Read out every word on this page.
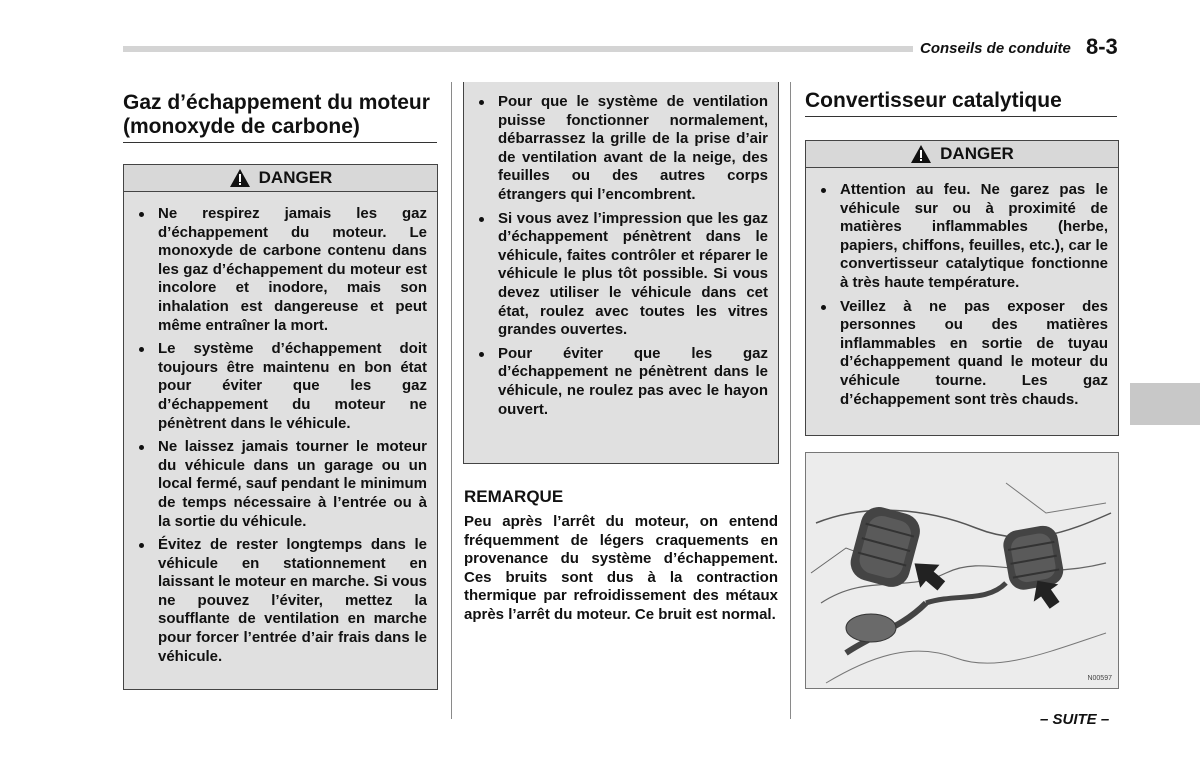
Conseils de conduite 8-3
Gaz d’échappement du moteur (monoxyde de carbone)
DANGER
Ne respirez jamais les gaz d’échappement du moteur. Le monoxyde de carbone contenu dans les gaz d’échappement du moteur est incolore et inodore, mais son inhalation est dangereuse et peut même entraîner la mort.
Le système d’échappement doit toujours être maintenu en bon état pour éviter que les gaz d’échappement du moteur ne pénètrent dans le véhicule.
Ne laissez jamais tourner le moteur du véhicule dans un garage ou un local fermé, sauf pendant le minimum de temps nécessaire à l’entrée ou à la sortie du véhicule.
Évitez de rester longtemps dans le véhicule en stationnement en laissant le moteur en marche. Si vous ne pouvez l’éviter, mettez la soufflante de ventilation en marche pour forcer l’entrée d’air frais dans le véhicule.
Pour que le système de ventilation puisse fonctionner normalement, débarrassez la grille de la prise d’air de ventilation avant de la neige, des feuilles ou des autres corps étrangers qui l’encombrent.
Si vous avez l’impression que les gaz d’échappement pénètrent dans le véhicule, faites contrôler et réparer le véhicule le plus tôt possible. Si vous devez utiliser le véhicule dans cet état, roulez avec toutes les vitres grandes ouvertes.
Pour éviter que les gaz d’échappement ne pénètrent dans le véhicule, ne roulez pas avec le hayon ouvert.
REMARQUE

Peu après l’arrêt du moteur, on entend fréquemment de légers craquements en provenance du système d’échappement. Ces bruits sont dus à la contraction thermique par refroidissement des métaux après l’arrêt du moteur. Ce bruit est normal.

Convertisseur catalytique
DANGER
Attention au feu. Ne garez pas le véhicule sur ou à proximité de matières inflammables (herbe, papiers, chiffons, feuilles, etc.), car le convertisseur catalytique fonctionne à très haute température.
Veillez à ne pas exposer des personnes ou des matières inflammables en sortie de tuyau d’échappement quand le moteur du véhicule tourne. Les gaz d’échappement sont très chauds.
N00597
– SUITE –
